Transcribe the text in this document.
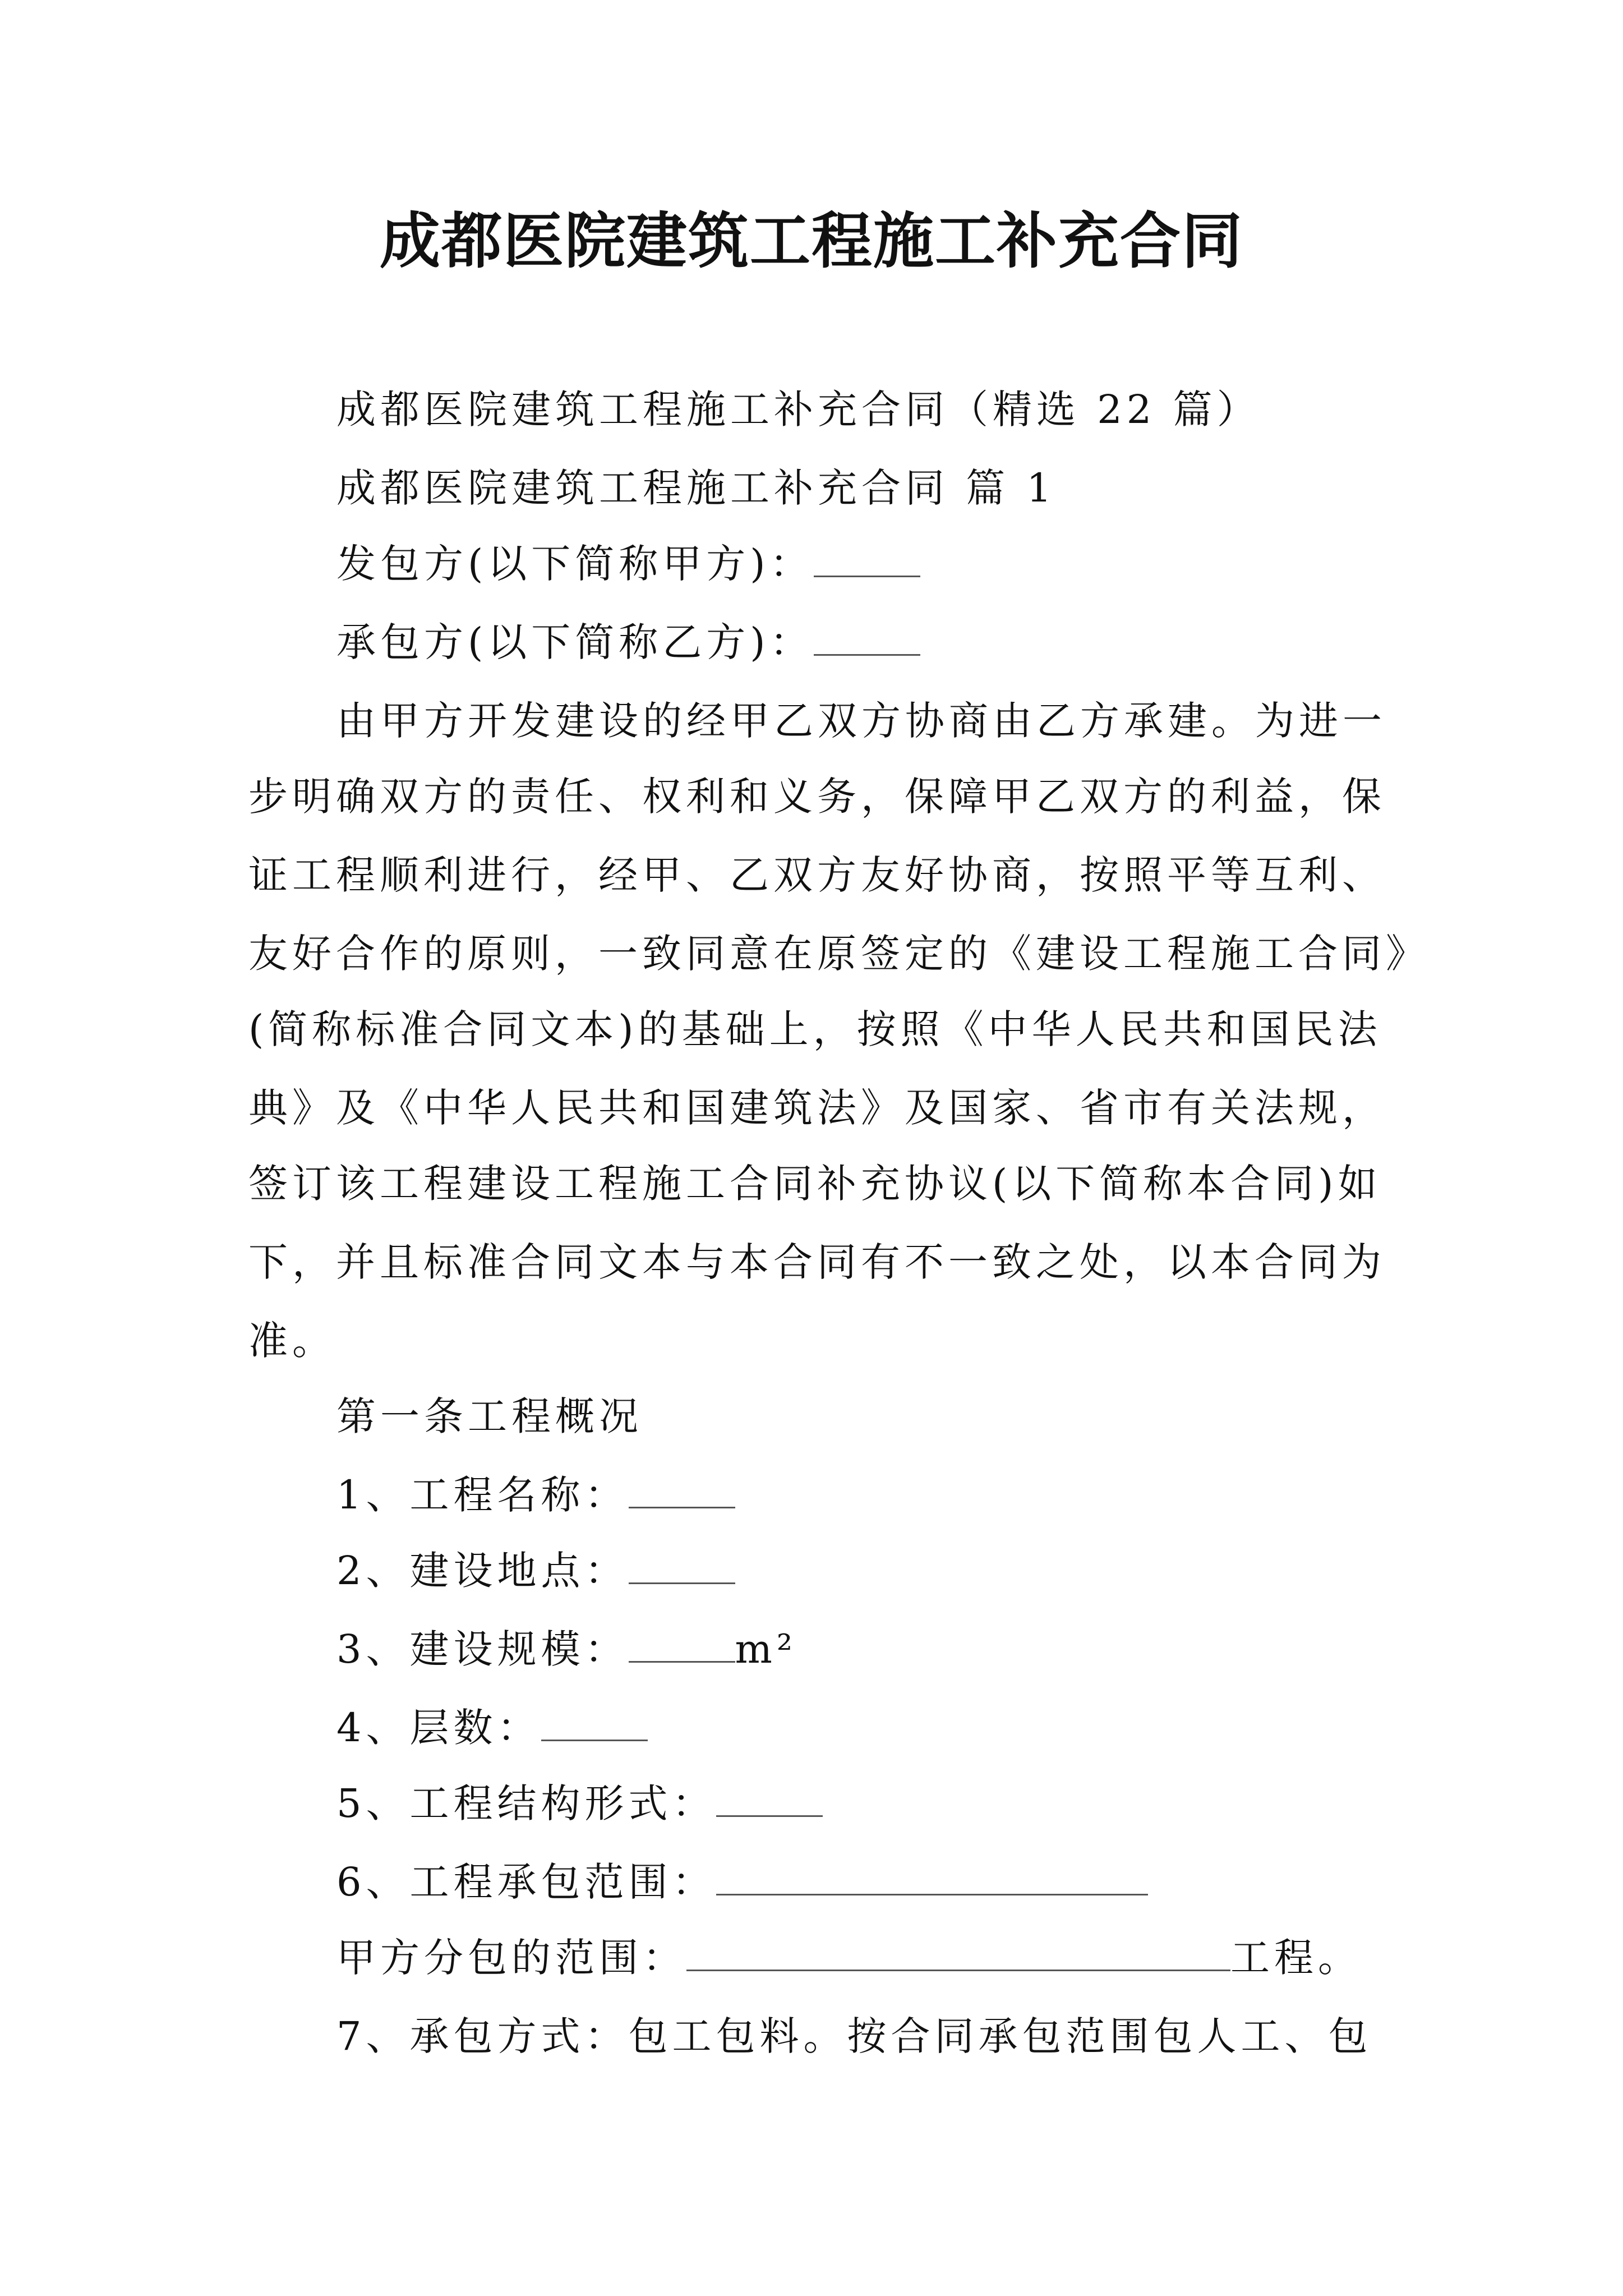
成都医院建筑工程施工补充合同
成都医院建筑工程施工补充合同（精选 22 篇）
成都医院建筑工程施工补充合同 篇 1
发包方(以下简称甲方)：
承包方(以下简称乙方)：
由甲方开发建设的经甲乙双方协商由乙方承建。为进一
步明确双方的责任、权利和义务，保障甲乙双方的利益，保
证工程顺利进行，经甲、乙双方友好协商，按照平等互利、
友好合作的原则，一致同意在原签定的《建设工程施工合同》
(简称标准合同文本)的基础上，按照《中华人民共和国民法
典》及《中华人民共和国建筑法》及国家、省市有关法规，
签订该工程建设工程施工合同补充协议(以下简称本合同)如
下，并且标准合同文本与本合同有不一致之处，以本合同为
准。
第一条工程概况
1、工程名称：
2、建设地点：
3、建设规模：	m²
4、层数：
5、工程结构形式：
6、工程承包范围：
甲方分包的范围：	工程。
7、承包方式：包工包料。按合同承包范围包人工、包
